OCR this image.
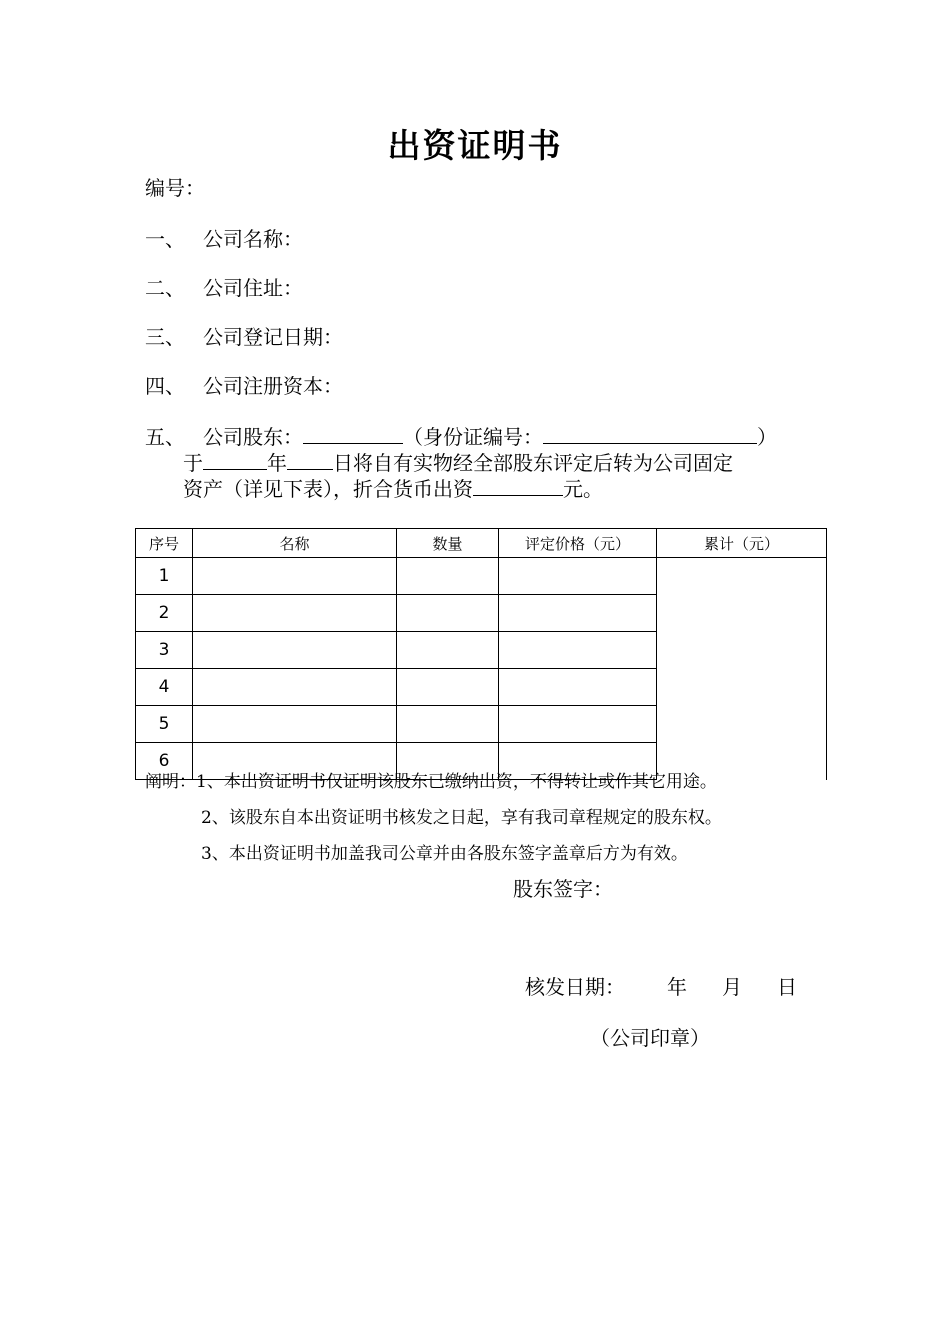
出资证明书
编号：
一、 公司名称：
二、 公司住址：
三、 公司登记日期：
四、 公司注册资本：
五、 公司股东：	（身份证编号：	）
于	年 日将自有实物经全部股东评定后转为公司固定
资产（详见下表），折合货币出资	元。
序号	名称	数量	评定价格（元）	累计（元）
1				
2				
3				
4				
5				
6				
阐明：1、本出资证明书仅证明该股东已缴纳出资，不得转让或作其它用途。
2、该股东自本出资证明书核发之日起，享有我司章程规定的股东权。
3、本出资证明书加盖我司公章并由各股东签字盖章后方为有效。
股东签字：
核发日期： 年 月 日
（公司印章）
